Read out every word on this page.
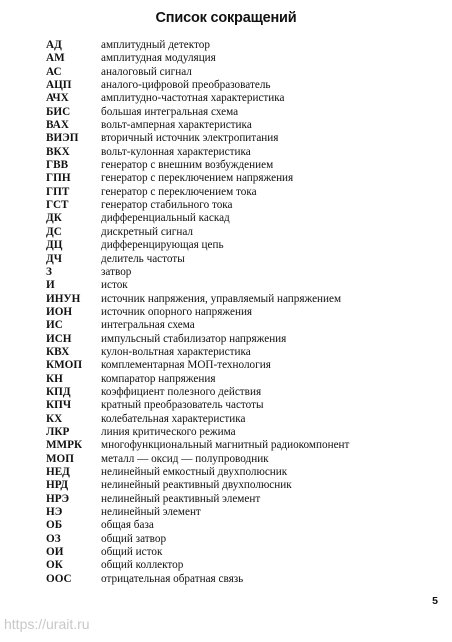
Список сокращений
АД	амплитудный детектор
АМ	амплитудная модуляция
АС	аналоговый сигнал
АЦП	аналого-цифровой преобразователь
АЧХ	амплитудно-частотная характеристика
БИС	большая интегральная схема
ВАХ	вольт-амперная характеристика
ВИЭП	вторичный источник электропитания
ВКХ	вольт-кулонная характеристика
ГВВ	генератор с внешним возбуждением
ГПН	генератор с переключением напряжения
ГПТ	генератор с переключением тока
ГСТ	генератор стабильного тока
ДК	дифференциальный каскад
ДС	дискретный сигнал
ДЦ	дифференцирующая цепь
ДЧ	делитель частоты
З	затвор
И	исток
ИНУН	источник напряжения, управляемый напряжением
ИОН	источник опорного напряжения
ИС	интегральная схема
ИСН	импульсный стабилизатор напряжения
КВХ	кулон-вольтная характеристика
КМОП	комплементарная МОП-технология
КН	компаратор напряжения
КПД	коэффициент полезного действия
КПЧ	кратный преобразователь частоты
КХ	колебательная характеристика
ЛКР	линия критического режима
ММРК	многофункциональный магнитный радиокомпонент
МОП	металл — оксид — полупроводник
НЕД	нелинейный емкостный двухполюсник
НРД	нелинейный реактивный двухполюсник
НРЭ	нелинейный реактивный элемент
НЭ	нелинейный элемент
ОБ	общая база
ОЗ	общий затвор
ОИ	общий исток
ОК	общий коллектор
ООС	отрицательная обратная связь
5
https://urait.ru
